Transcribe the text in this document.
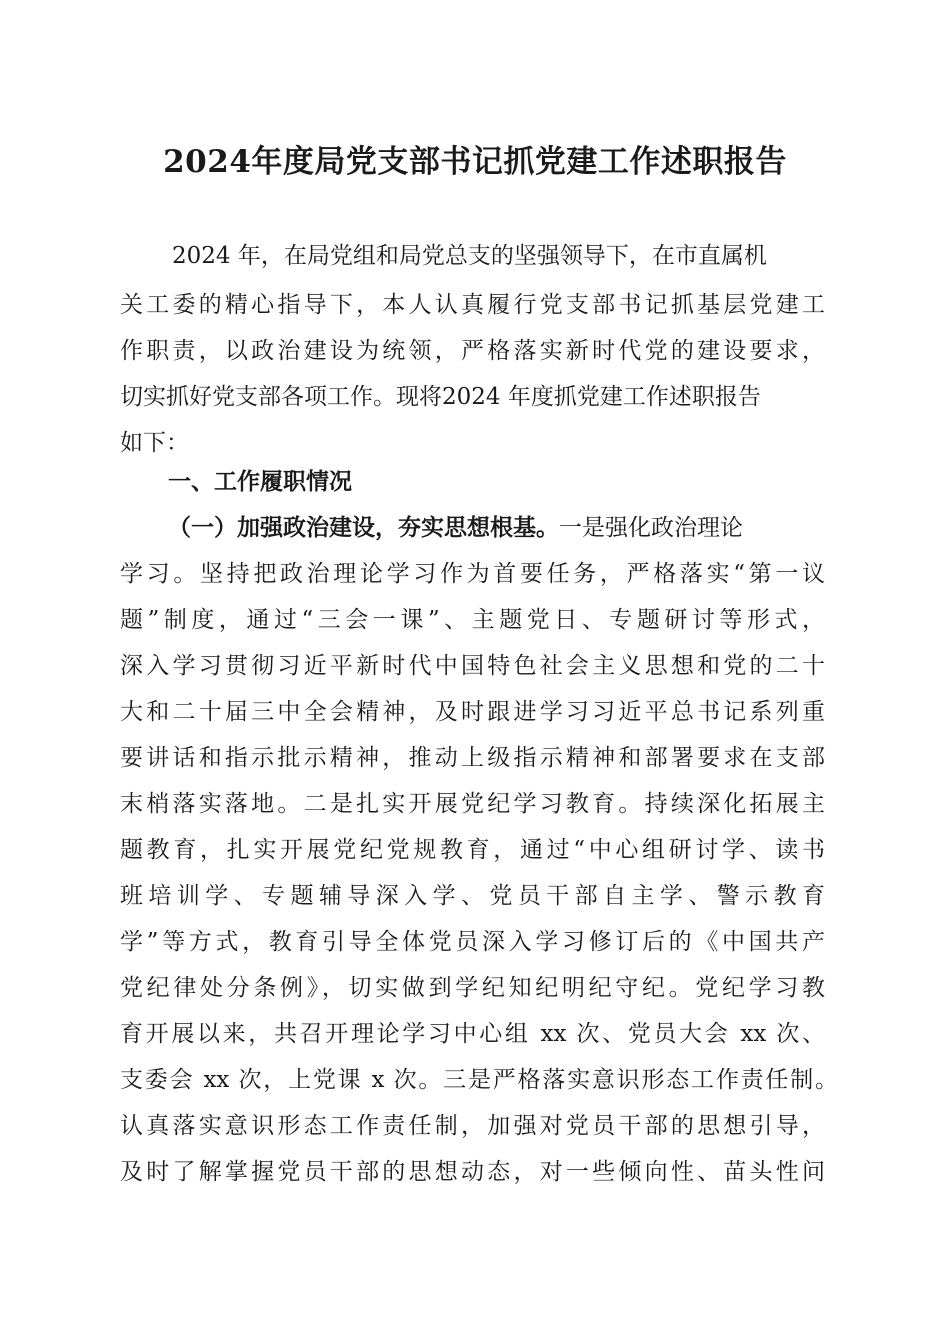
2024年度局党支部书记抓党建工作述职报告
2024 年，在局党组和局党总支的坚强领导下，在市直属机
关工委的精心指导下，本人认真履行党支部书记抓基层党建工
作职责，以政治建设为统领，严格落实新时代党的建设要求，
切实抓好党支部各项工作。现将2024 年度抓党建工作述职报告
如下：
一、工作履职情况
（一）加强政治建设，夯实思想根基。一是强化政治理论
学习。坚持把政治理论学习作为首要任务，严格落实“第一议
题”制度，通过“三会一课”、主题党日、专题研讨等形式，
深入学习贯彻习近平新时代中国特色社会主义思想和党的二十
大和二十届三中全会精神，及时跟进学习习近平总书记系列重
要讲话和指示批示精神，推动上级指示精神和部署要求在支部
末梢落实落地。二是扎实开展党纪学习教育。持续深化拓展主
题教育，扎实开展党纪党规教育，通过“中心组研讨学、读书
班培训学、专题辅导深入学、党员干部自主学、警示教育
学”等方式，教育引导全体党员深入学习修订后的《中国共产
党纪律处分条例》，切实做到学纪知纪明纪守纪。党纪学习教
育开展以来，共召开理论学习中心组 xx 次、党员大会 xx 次、
支委会 xx 次，上党课 x 次。三是严格落实意识形态工作责任制。
认真落实意识形态工作责任制，加强对党员干部的思想引导，
及时了解掌握党员干部的思想动态，对一些倾向性、苗头性问
